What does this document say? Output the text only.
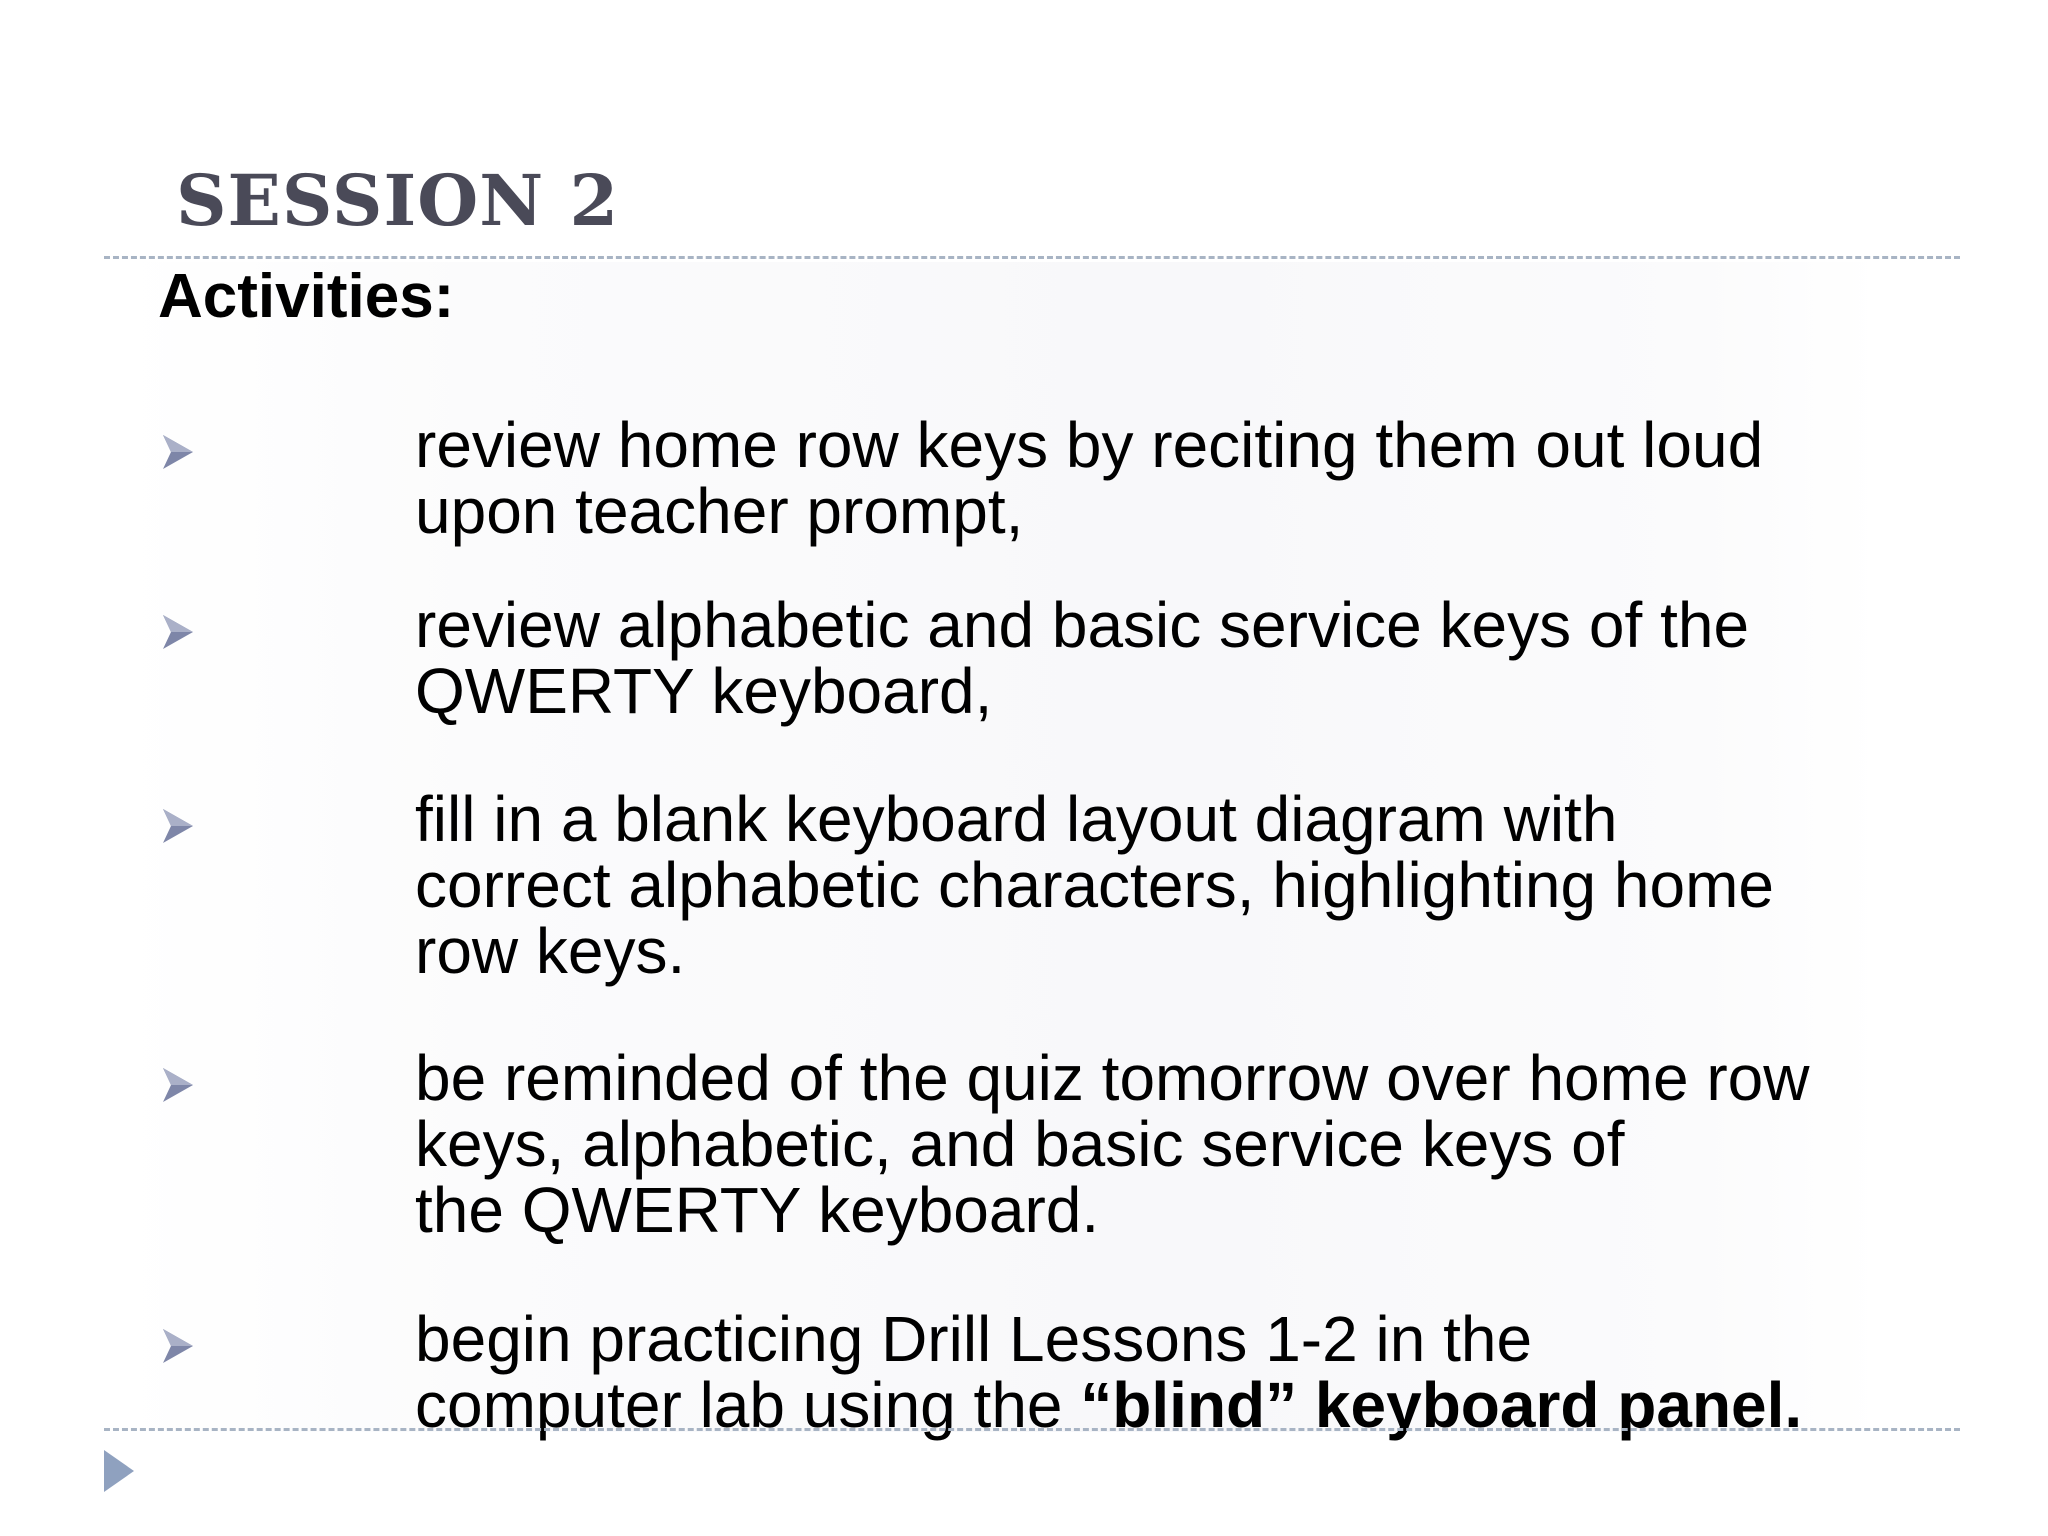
SESSION 2
Activities:
review home row keys by reciting them out loud
upon teacher prompt,
review alphabetic and basic service keys of the
QWERTY keyboard,
fill in a blank keyboard layout diagram with
correct alphabetic characters, highlighting home
row keys.
be reminded of the quiz tomorrow over home row
keys, alphabetic, and basic service keys of
the QWERTY keyboard.
begin practicing Drill Lessons 1-2 in the
computer lab using the “blind” keyboard panel.
